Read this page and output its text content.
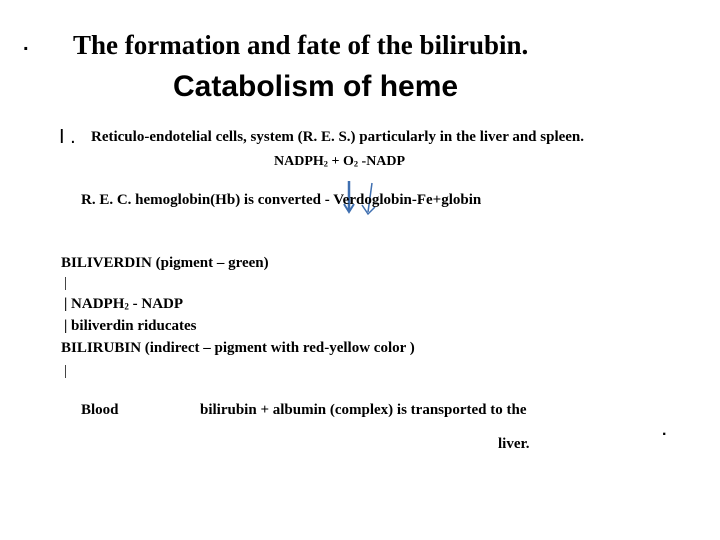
. The formation and fate of the bilirubin.
Catabolism of heme
I . Reticulo-endotelial cells, system (R. E. S.) particularly in the liver and spleen.
$NADPH_2 + O_2$ -NADP
R. E. C. hemoglobin(Hb) is converted - Verdoglobin-Fe+globin
BILIVERDIN (pigment – green)
|
| $NADPH_2$ - NADP
| biliverdin riducates
BILIRUBIN (indirect – pigment with red-yellow color )
|
Blood	bilirubin + albumin (complex) is transported to the
.
liver.
